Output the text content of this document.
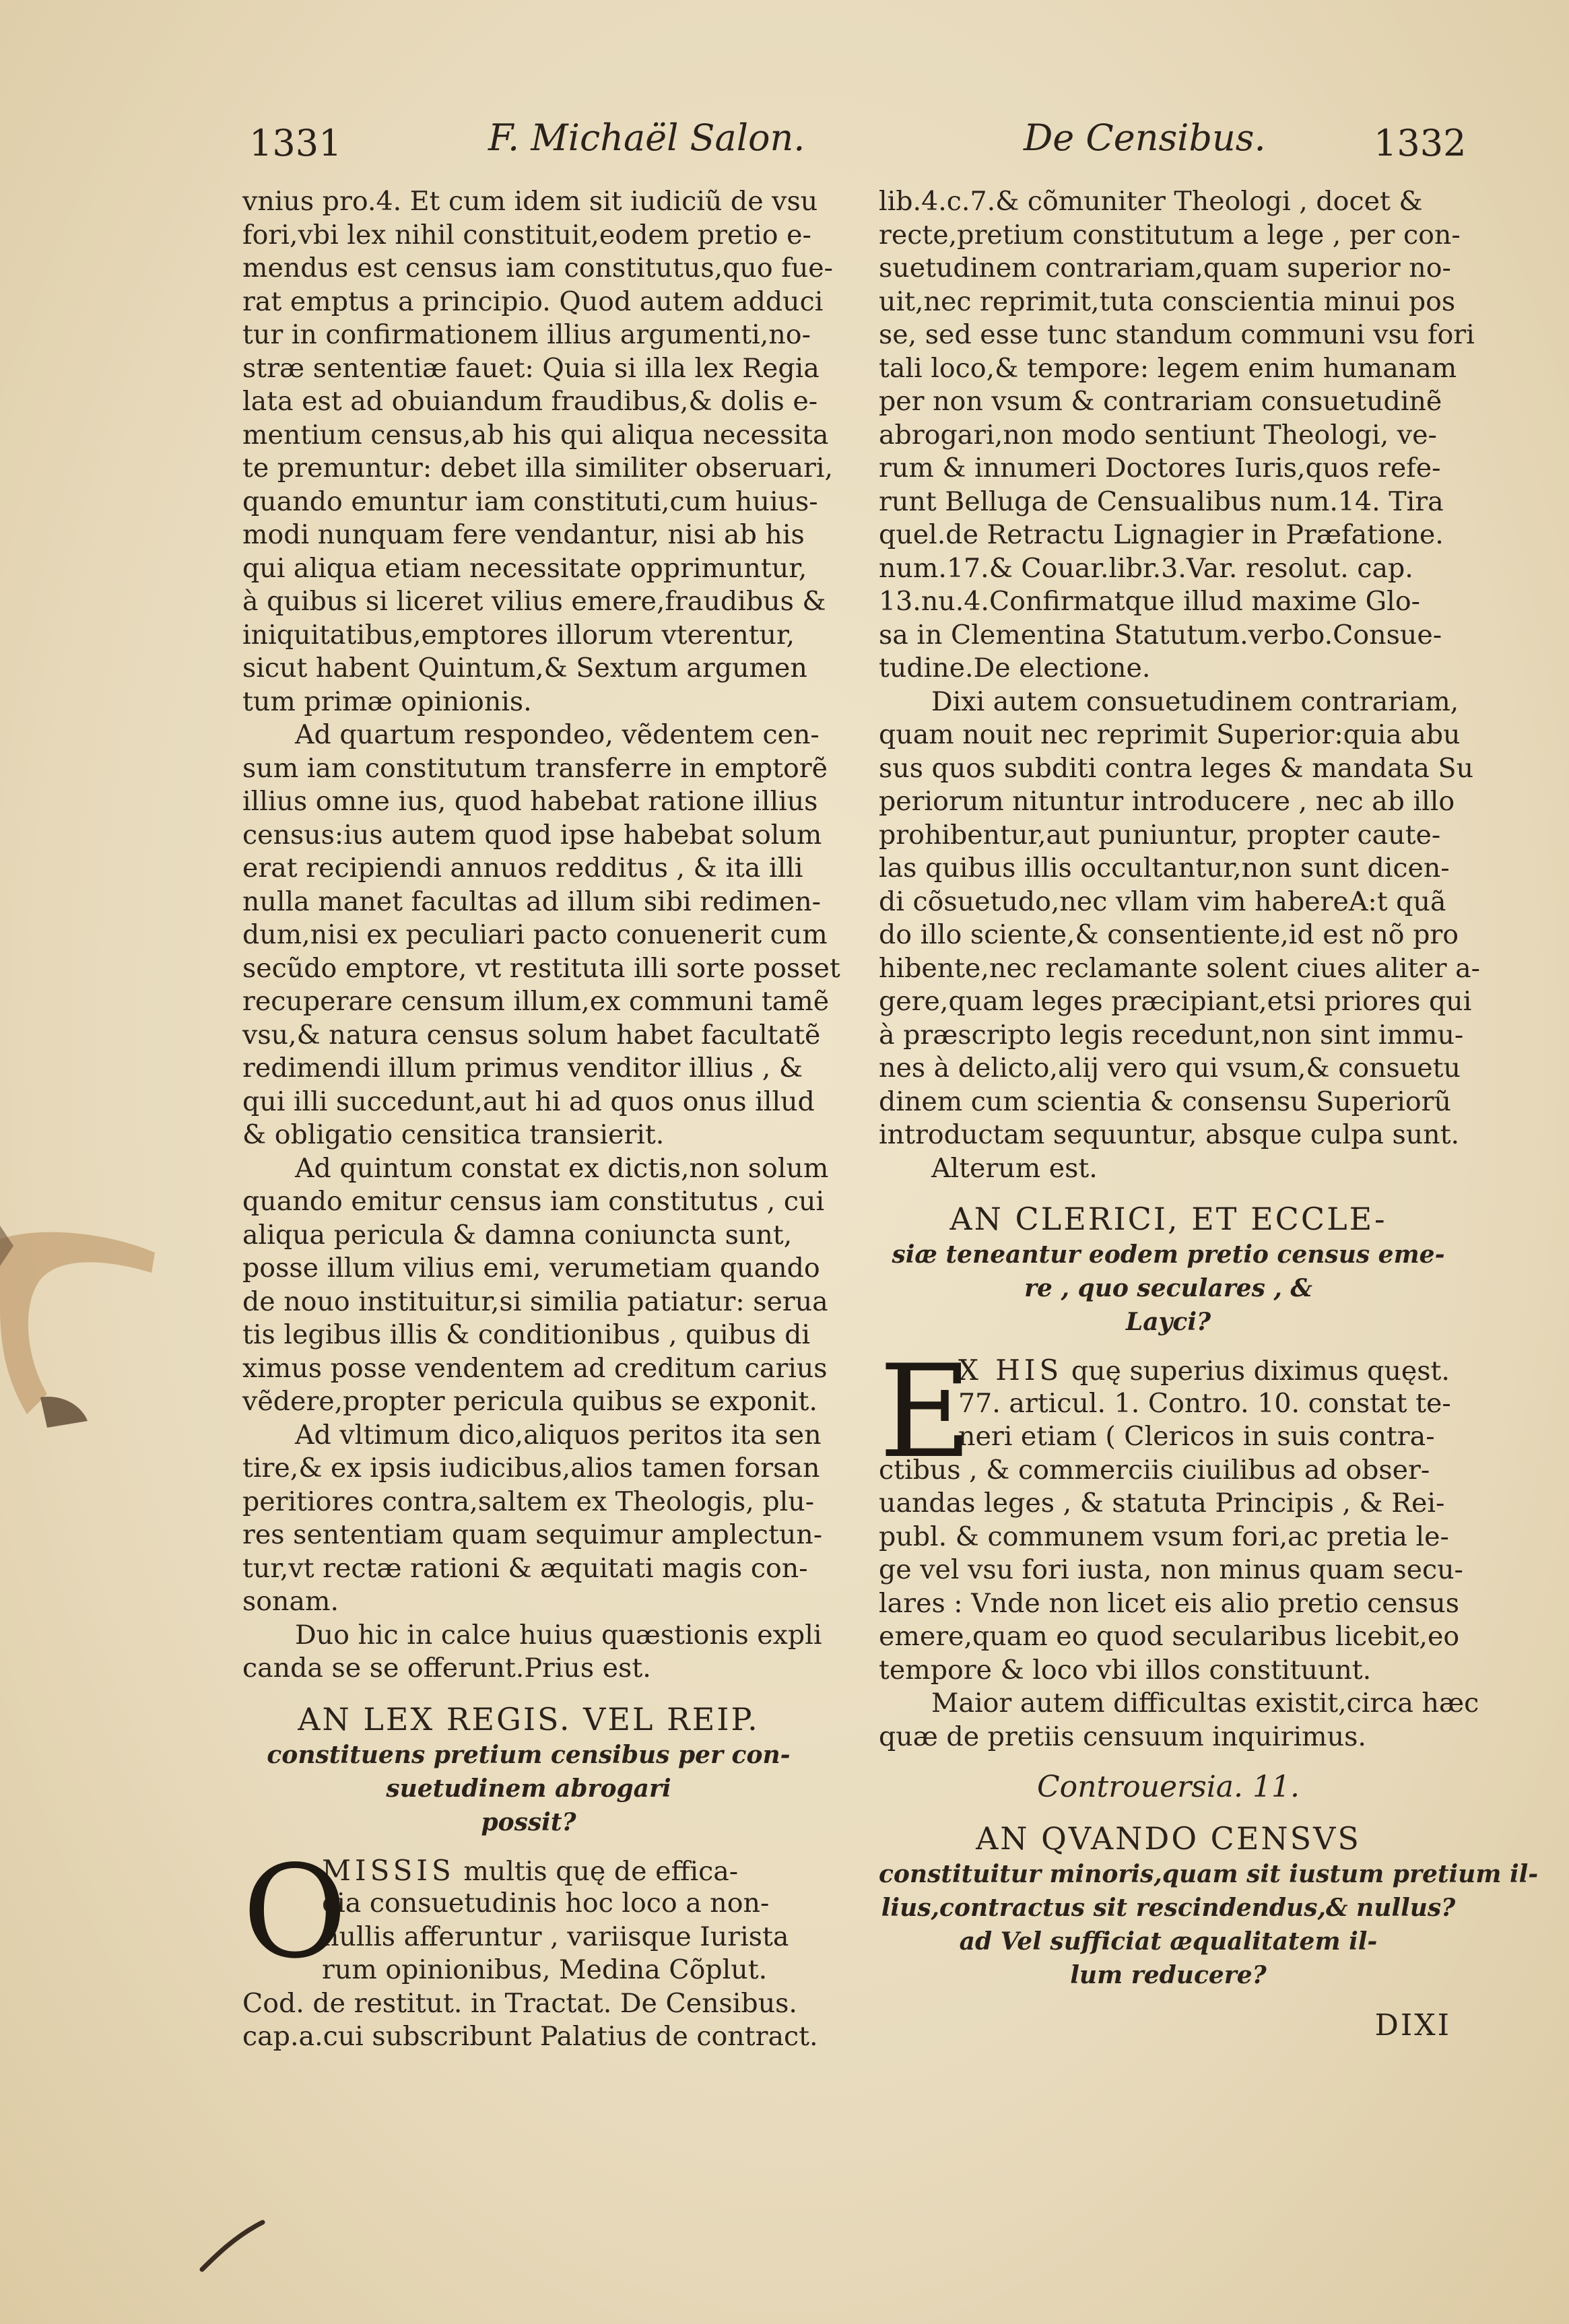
1331	F. Michaël Salon.	De Censibus.	1332
vnius pro.4. Et cum idem sit iudiciũ de vsu
fori,vbi lex nihil constituit,eodem pretio e-
mendus est census iam constitutus,quo fue-
rat emptus a principio. Quod autem adduci
tur in confirmationem illius argumenti,no-
stræ sententiæ fauet: Quia si illa lex Regia
lata est ad obuiandum fraudibus,& dolis e-
mentium census,ab his qui aliqua necessita
te premuntur: debet illa similiter obseruari,
quando emuntur iam constituti,cum huius-
modi nunquam fere vendantur, nisi ab his
qui aliqua etiam necessitate opprimuntur,
à quibus si liceret vilius emere,fraudibus &
iniquitatibus,emptores illorum vterentur,
sicut habent Quintum,& Sextum argumen
tum primæ opinionis.
Ad quartum respondeo, vẽdentem cen-
sum iam constitutum transferre in emptorẽ
illius omne ius, quod habebat ratione illius
census:ius autem quod ipse habebat solum
erat recipiendi annuos redditus , & ita illi
nulla manet facultas ad illum sibi redimen-
dum,nisi ex peculiari pacto conuenerit cum
secũdo emptore, vt restituta illi sorte posset
recuperare censum illum,ex communi tamẽ
vsu,& natura census solum habet facultatẽ
redimendi illum primus venditor illius , &
qui illi succedunt,aut hi ad quos onus illud
& obligatio censitica transierit.
Ad quintum constat ex dictis,non solum
quando emitur census iam constitutus , cui
aliqua pericula & damna coniuncta sunt,
posse illum vilius emi, verumetiam quando
de nouo instituitur,si similia patiatur: serua
tis legibus illis & conditionibus , quibus di
ximus posse vendentem ad creditum carius
vẽdere,propter pericula quibus se exponit.
Ad vltimum dico,aliquos peritos ita sen
tire,& ex ipsis iudicibus,alios tamen forsan
peritiores contra,saltem ex Theologis, plu-
res sententiam quam sequimur amplectun-
tur,vt rectæ rationi & æquitati magis con-
sonam.
Duo hic in calce huius quæstionis expli
canda se se offerunt.Prius est.
AN LEX REGIS. VEL REIP.
constituens pretium censibus per con-
suetudinem abrogari
possit?
O
MISSIS multis quę de effica-
cia consuetudinis hoc loco a non-
nullis afferuntur , variisque Iurista
rum opinionibus, Medina Cõplut.
Cod. de restitut. in Tractat. De Censibus.
cap.a.cui subscribunt Palatius de contract.
lib.4.c.7.& cõmuniter Theologi , docet &
recte,pretium constitutum a lege , per con-
suetudinem contrariam,quam superior no-
uit,nec reprimit,tuta conscientia minui pos
se, sed esse tunc standum communi vsu fori
tali loco,& tempore: legem enim humanam
per non vsum & contrariam consuetudinẽ
abrogari,non modo sentiunt Theologi, ve-
rum & innumeri Doctores Iuris,quos refe-
runt Belluga de Censualibus num.14. Tira
quel.de Retractu Lignagier in Præfatione.
num.17.& Couar.libr.3.Var. resolut. cap.
13.nu.4.Confirmatque illud maxime Glo-
sa in Clementina Statutum.verbo.Consue-
tudine.De electione.
Dixi autem consuetudinem contrariam,
quam nouit nec reprimit Superior:quia abu
sus quos subditi contra leges & mandata Su
periorum nituntur introducere , nec ab illo
prohibentur,aut puniuntur, propter caute-
las quibus illis occultantur,non sunt dicen-
di cõsuetudo,nec vllam vim habereA:t quã
do illo sciente,& consentiente,id est nõ pro
hibente,nec reclamante solent ciues aliter a-
gere,quam leges præcipiant,etsi priores qui
à præscripto legis recedunt,non sint immu-
nes à delicto,alij vero qui vsum,& consuetu
dinem cum scientia & consensu Superiorũ
introductam sequuntur, absque culpa sunt.
Alterum est.
AN CLERICI, ET ECCLE-
siæ teneantur eodem pretio census eme-
re , quo seculares , &
Layci?
E
X HIS quę superius diximus quęst.
77. articul. 1. Contro. 10. constat te-
neri etiam ( Clericos in suis contra-
ctibus , & commerciis ciuilibus ad obser-
uandas leges , & statuta Principis , & Rei-
publ. & communem vsum fori,ac pretia le-
ge vel vsu fori iusta, non minus quam secu-
lares : Vnde non licet eis alio pretio census
emere,quam eo quod secularibus licebit,eo
tempore & loco vbi illos constituunt.
Maior autem difficultas existit,circa hæc
quæ de pretiis censuum inquirimus.
Controuersia. 11.
AN QVANDO CENSVS
constituitur minoris,quam sit iustum pretium il-
lius,contractus sit rescindendus,& nullus?
ad Vel sufficiat æqualitatem il-
lum reducere?
DIXI
